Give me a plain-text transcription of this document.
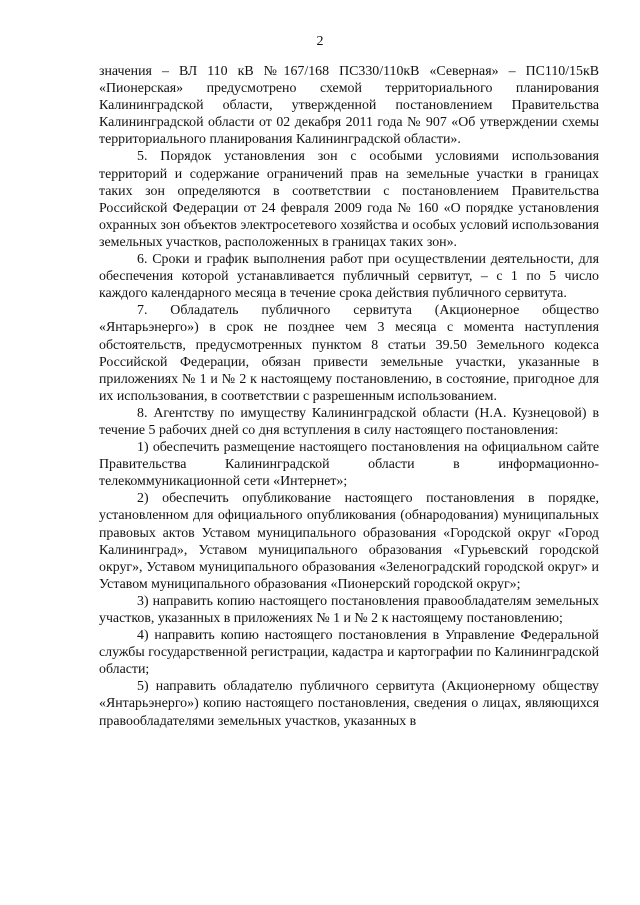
2

значения – ВЛ 110 кВ №167/168 ПС330/110кВ «Северная» – ПС110/15кВ «Пионерская» предусмотрено схемой территориального планирования Калининградской области, утвержденной постановлением Правительства Калининградской области от 02 декабря 2011 года № 907 «Об утверждении схемы территориального планирования Калининградской области».

5. Порядок установления зон с особыми условиями использования территорий и содержание ограничений прав на земельные участки в границах таких зон определяются в соответствии с постановлением Правительства Российской Федерации от 24 февраля 2009 года № 160 «О порядке установления охранных зон объектов электросетевого хозяйства и особых условий использования земельных участков, расположенных в границах таких зон».

6. Сроки и график выполнения работ при осуществлении деятельности, для обеспечения которой устанавливается публичный сервитут, – с 1 по 5 число каждого календарного месяца в течение срока действия публичного сервитута.

7. Обладатель публичного сервитута (Акционерное общество «Янтарьэнерго») в срок не позднее чем 3 месяца с момента наступления обстоятельств, предусмотренных пунктом 8 статьи 39.50 Земельного кодекса Российской Федерации, обязан привести земельные участки, указанные в приложениях № 1 и № 2 к настоящему постановлению, в состояние, пригодное для их использования, в соответствии с разрешенным использованием.

8. Агентству по имуществу Калининградской области (Н.А. Кузнецовой) в течение 5 рабочих дней со дня вступления в силу настоящего постановления:

1) обеспечить размещение настоящего постановления на официальном сайте Правительства Калининградской области в информационно-телекоммуникационной сети «Интернет»;

2) обеспечить опубликование настоящего постановления в порядке, установленном для официального опубликования (обнародования) муниципальных правовых актов Уставом муниципального образования «Городской округ «Город Калининград», Уставом муниципального образования «Гурьевский городской округ», Уставом муниципального образования «Зеленоградский городской округ» и Уставом муниципального образования «Пионерский городской округ»;

3) направить копию настоящего постановления правообладателям земельных участков, указанных в приложениях № 1 и № 2 к настоящему постановлению;

4) направить копию настоящего постановления в Управление Федеральной службы государственной регистрации, кадастра и картографии по Калининградской области;

5) направить обладателю публичного сервитута (Акционерному обществу «Янтарьэнерго») копию настоящего постановления, сведения о лицах, являющихся правообладателями земельных участков, указанных в
